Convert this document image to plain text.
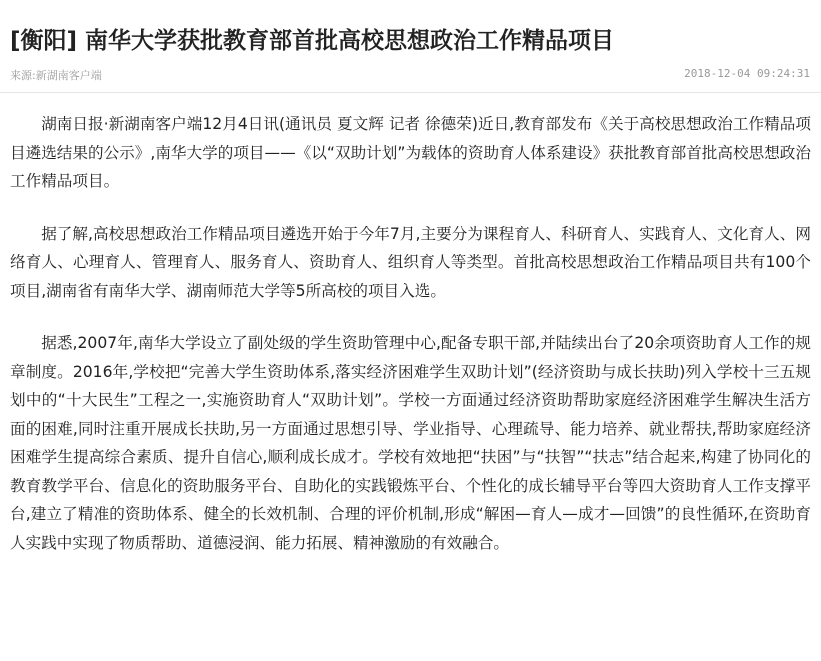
[衡阳] 南华大学获批教育部首批高校思想政治工作精品项目
来源:新湖南客户端	2018-12-04 09:24:31

湖南日报·新湖南客户端12月4日讯(通讯员 夏文辉 记者 徐德荣)近日,教育部发布《关于高校思想政治工作精品项目遴选结果的公示》,南华大学的项目——《以“双助计划”为载体的资助育人体系建设》获批教育部首批高校思想政治工作精品项目。

据了解,高校思想政治工作精品项目遴选开始于今年7月,主要分为课程育人、科研育人、实践育人、文化育人、网络育人、心理育人、管理育人、服务育人、资助育人、组织育人等类型。首批高校思想政治工作精品项目共有100个项目,湖南省有南华大学、湖南师范大学等5所高校的项目入选。

据悉,2007年,南华大学设立了副处级的学生资助管理中心,配备专职干部,并陆续出台了20余项资助育人工作的规章制度。2016年,学校把“完善大学生资助体系,落实经济困难学生双助计划”(经济资助与成长扶助)列入学校十三五规划中的“十大民生”工程之一,实施资助育人“双助计划”。学校一方面通过经济资助帮助家庭经济困难学生解决生活方面的困难,同时注重开展成长扶助,另一方面通过思想引导、学业指导、心理疏导、能力培养、就业帮扶,帮助家庭经济困难学生提高综合素质、提升自信心,顺利成长成才。学校有效地把“扶困”与“扶智”“扶志”结合起来,构建了协同化的教育教学平台、信息化的资助服务平台、自助化的实践锻炼平台、个性化的成长辅导平台等四大资助育人工作支撑平台,建立了精准的资助体系、健全的长效机制、合理的评价机制,形成“解困—育人—成才—回馈”的良性循环,在资助育人实践中实现了物质帮助、道德浸润、能力拓展、精神激励的有效融合。
